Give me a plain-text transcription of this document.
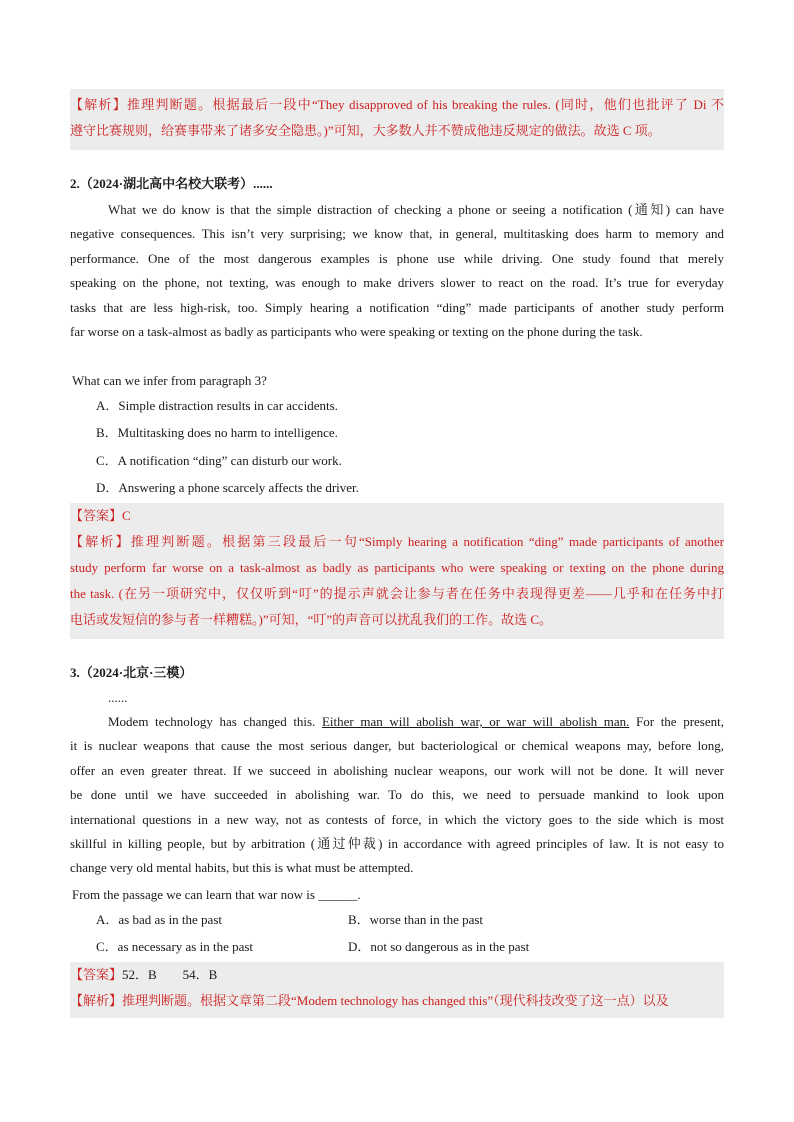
【解析】推理判断题。根据最后一段中“They disapproved of his breaking the rules. (同时，他们也批评了 Di 不
遵守比赛规则，给赛事带来了诸多安全隐患。)”可知，大多数人并不赞成他违反规定的做法。故选 C 项。
2.（2024·湖北高中名校大联考）......
What we do know is that the simple distraction of checking a phone or seeing a notification (通知) can have
negative consequences. This isn’t very surprising; we know that, in general, multitasking does harm to memory and
performance. One of the most dangerous examples is phone use while driving. One study found that merely
speaking on the phone, not texting, was enough to make drivers slower to react on the road. It’s true for everyday
tasks that are less high-risk, too. Simply hearing a notification “ding” made participants of another study perform
far worse on a task-almost as badly as participants who were speaking or texting on the phone during the task.
What can we infer from paragraph 3?
A．Simple distraction results in car accidents.
B．Multitasking does no harm to intelligence.
C．A notification “ding” can disturb our work.
D．Answering a phone scarcely affects the driver.
【答案】C
【解析】推理判断题。根据第三段最后一句“Simply hearing a notification “ding” made participants of another
study perform far worse on a task-almost as badly as participants who were speaking or texting on the phone during
the task. (在另一项研究中，仅仅听到“叮”的提示声就会让参与者在任务中表现得更差——几乎和在任务中打
电话或发短信的参与者一样糟糕。)”可知，“叮”的声音可以扰乱我们的工作。故选 C。
3.（2024·北京·三模）
......
Modem technology has changed this. Either man will abolish war, or war will abolish man. For the present,
it is nuclear weapons that cause the most serious danger, but bacteriological or chemical weapons may, before long,
offer an even greater threat. If we succeed in abolishing nuclear weapons, our work will not be done. It will never
be done until we have succeeded in abolishing war. To do this, we need to persuade mankind to look upon
international questions in a new way, not as contests of force, in which the victory goes to the side which is most
skillful in killing people, but by arbitration (通过仲裁) in accordance with agreed principles of law. It is not easy to
change very old mental habits, but this is what must be attempted.
From the passage we can learn that war now is ______.
A．as bad as in the past	B．worse than in the past
C．as necessary as in the past	D．not so dangerous as in the past
【答案】52．B　　54．B
【解析】推理判断题。根据文章第二段“Modem technology has changed this”（现代科技改变了这一点）以及
